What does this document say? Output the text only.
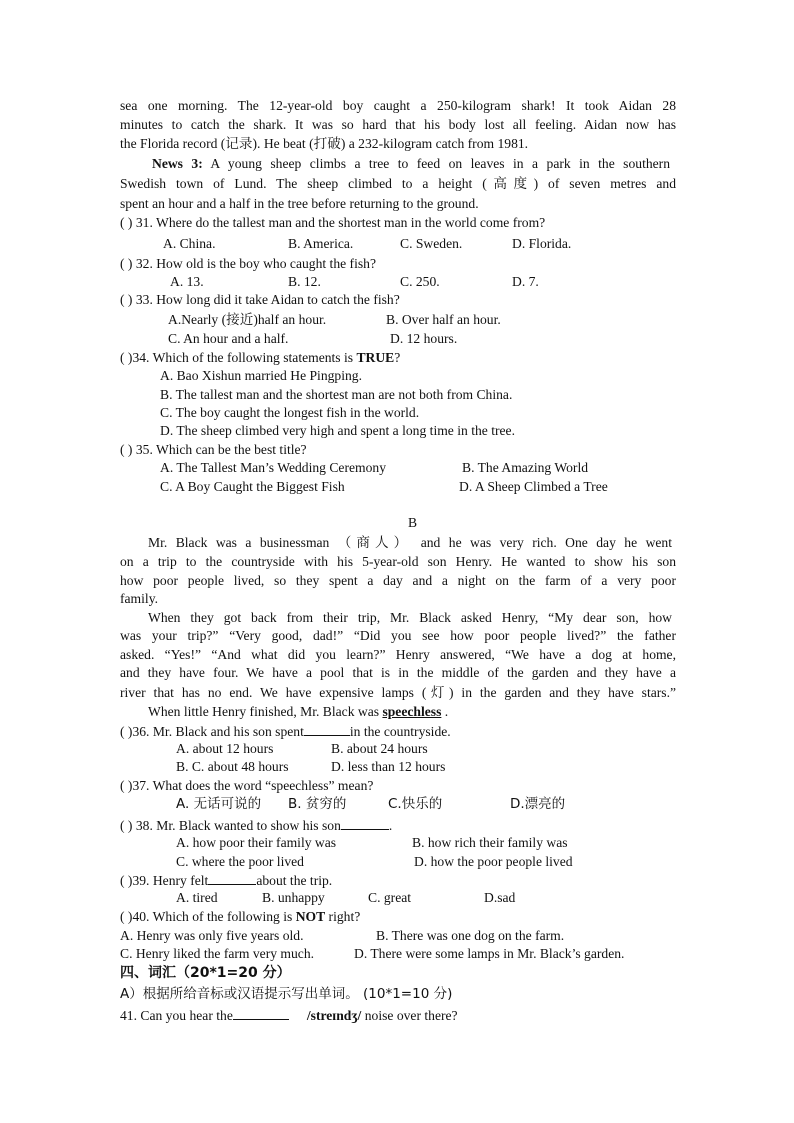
sea one morning. The 12-year-old boy caught a 250-kilogram shark! It took Aidan 28
minutes to catch the shark. It was so hard that his body lost all feeling. Aidan now has
the Florida record (记录). He beat (打破) a 232-kilogram catch from 1981.
News 3: A young sheep climbs a tree to feed on leaves in a park in the southern
Swedish town of Lund. The sheep climbed to a height (高度) of seven metres and
spent an hour and a half in the tree before returning to the ground.
( ) 31. Where do the tallest man and the shortest man in the world come from?
A. China.	B. America.	C. Sweden.	D. Florida.
( ) 32. How old is the boy who caught the fish?
A. 13.	B. 12.	C. 250.	D. 7.
( ) 33. How long did it take Aidan to catch the fish?
A.Nearly (接近)half an hour.	B. Over half an hour.
C. An hour and a half.	D. 12 hours.
( )34. Which of the following statements is TRUE?
A. Bao Xishun married He Pingping.
B. The tallest man and the shortest man are not both from China.
C. The boy caught the longest fish in the world.
D. The sheep climbed very high and spent a long time in the tree.
( ) 35. Which can be the best title?
A. The Tallest Man’s Wedding Ceremony	B. The Amazing World
C. A Boy Caught the Biggest Fish	D. A Sheep Climbed a Tree
B
Mr. Black was a businessman （商人） and he was very rich. One day he went
on a trip to the countryside with his 5-year-old son Henry. He wanted to show his son
how poor people lived, so they spent a day and a night on the farm of a very poor
family.
When they got back from their trip, Mr. Black asked Henry, “My dear son, how
was your trip?” “Very good, dad!” “Did you see how poor people lived?” the father
asked. “Yes!” “And what did you learn?” Henry answered, “We have a dog at home,
and they have four. We have a pool that is in the middle of the garden and they have a
river that has no end. We have expensive lamps (灯) in the garden and they have stars.”
When little Henry finished, Mr. Black was speechless .
( )36. Mr. Black and his son spent	in the countryside.
A. about 12 hours	B. about 24 hours
B. C. about 48 hours	D. less than 12 hours
( )37. What does the word “speechless” mean?
A. 无话可说的 B. 贫穷的	C.快乐的	D.漂亮的
( ) 38. Mr. Black wanted to show his son	.
A. how poor their family was	B. how rich their family was
C. where the poor lived	D. how the poor people lived
( )39. Henry felt	about the trip.
A. tired	B. unhappy	C. great	D.sad
( )40. Which of the following is NOT right?
A. Henry was only five years old.	B. There was one dog on the farm.
C. Henry liked the farm very much.	D. There were some lamps in Mr. Black’s garden.
四、词汇（20*1=20 分）
A）根据所给音标或汉语提示写出单词。 (10*1=10 分)
41. Can you hear the	/streɪndʒ/ noise over there?
